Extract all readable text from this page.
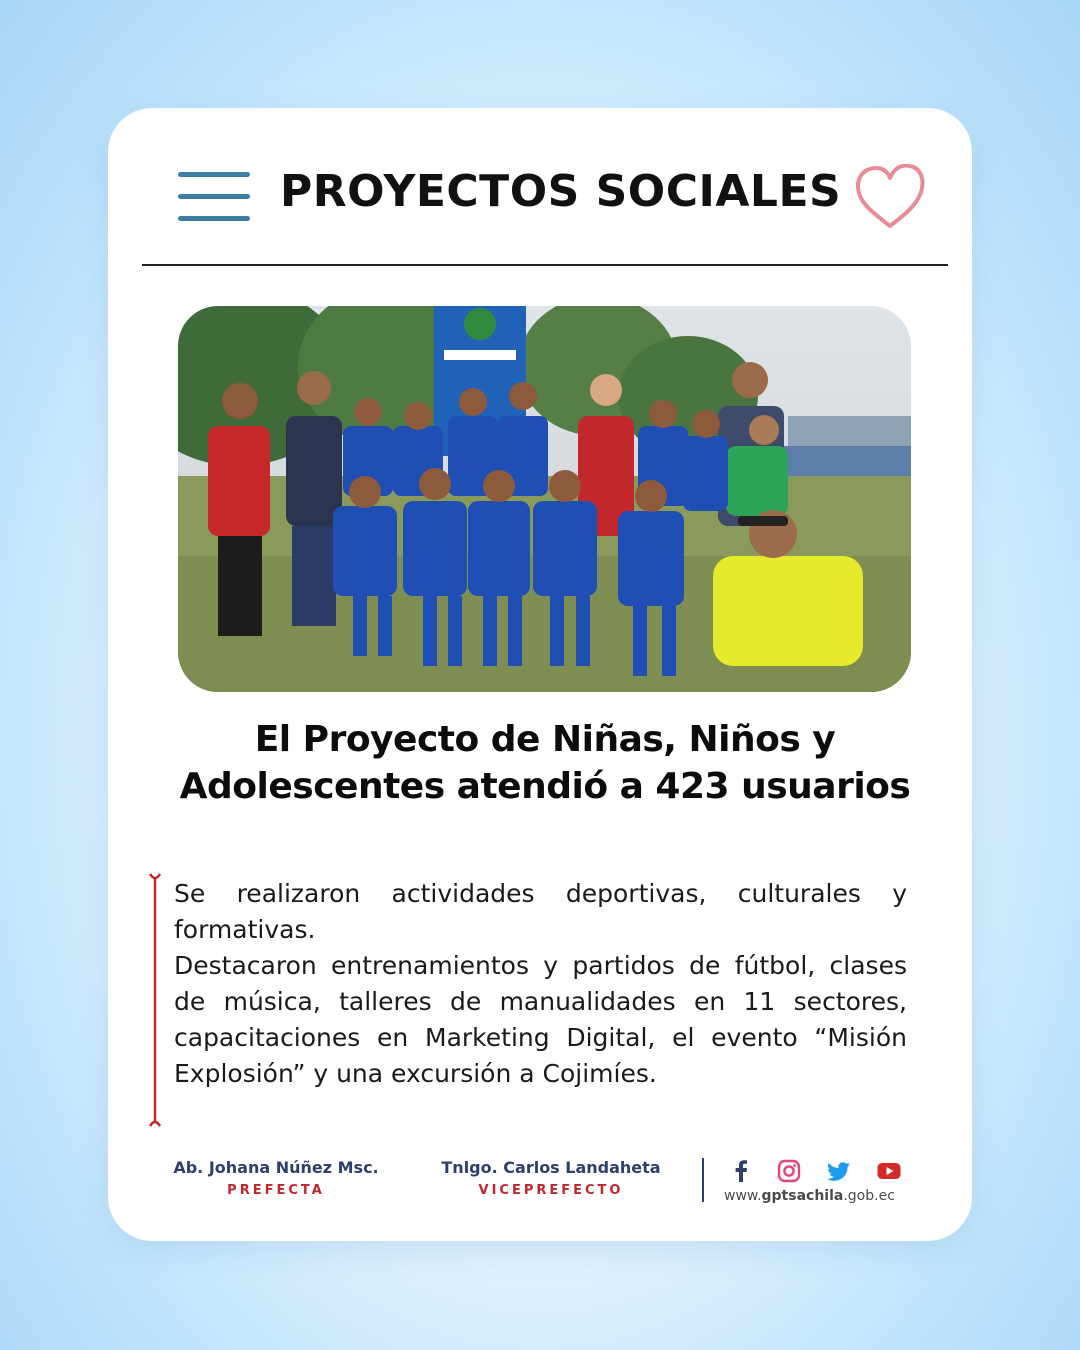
PROYECTOS SOCIALES
El Proyecto de Niñas, Niños y Adolescentes atendió a 423 usuarios

Se realizaron actividades deportivas, culturales y formativas.

Destacaron entrenamientos y partidos de fútbol, clases de música, talleres de manualidades en 11 sectores, capacitaciones en Marketing Digital, el evento “Misión Explosión” y una excursión a Cojimíes.

Ab. Johana Núñez Msc.
PREFECTA
Tnlgo. Carlos Landaheta
VICEPREFECTO	www.gptsachila.gob.ec
